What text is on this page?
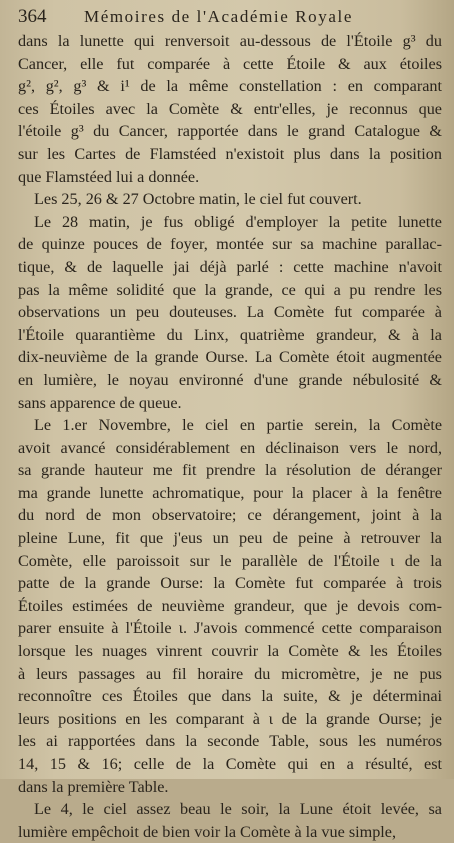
364 Mémoires de l'Académie Royale
dans la lunette qui renversoit au-dessous de l'Étoile g³ du
Cancer, elle fut comparée à cette Étoile & aux étoiles
g², g², g³ & i¹ de la même constellation : en comparant
ces Étoiles avec la Comète & entr'elles, je reconnus que
l'étoile g³ du Cancer, rapportée dans le grand Catalogue &
sur les Cartes de Flamstéed n'existoit plus dans la position
que Flamstéed lui a donnée.
Les 25, 26 & 27 Octobre matin, le ciel fut couvert.
Le 28 matin, je fus obligé d'employer la petite lunette
de quinze pouces de foyer, montée sur sa machine parallac-
tique, & de laquelle jai déjà parlé : cette machine n'avoit
pas la même solidité que la grande, ce qui a pu rendre les
observations un peu douteuses. La Comète fut comparée à
l'Étoile quarantième du Linx, quatrième grandeur, & à la
dix-neuvième de la grande Ourse. La Comète étoit augmentée
en lumière, le noyau environné d'une grande nébulosité &
sans apparence de queue.
Le 1.er Novembre, le ciel en partie serein, la Comète
avoit avancé considérablement en déclinaison vers le nord,
sa grande hauteur me fit prendre la résolution de déranger
ma grande lunette achromatique, pour la placer à la fenêtre
du nord de mon observatoire; ce dérangement, joint à la
pleine Lune, fit que j'eus un peu de peine à retrouver la
Comète, elle paroissoit sur le parallèle de l'Étoile ι de la
patte de la grande Ourse: la Comète fut comparée à trois
Étoiles estimées de neuvième grandeur, que je devois com-
parer ensuite à l'Étoile ι. J'avois commencé cette comparaison
lorsque les nuages vinrent couvrir la Comète & les Étoiles
à leurs passages au fil horaire du micromètre, je ne pus
reconnoître ces Étoiles que dans la suite, & je déterminai
leurs positions en les comparant à ι de la grande Ourse; je
les ai rapportées dans la seconde Table, sous les numéros
14, 15 & 16; celle de la Comète qui en a résulté, est
dans la première Table.
Le 4, le ciel assez beau le soir, la Lune étoit levée, sa
lumière empêchoit de bien voir la Comète à la vue simple,
